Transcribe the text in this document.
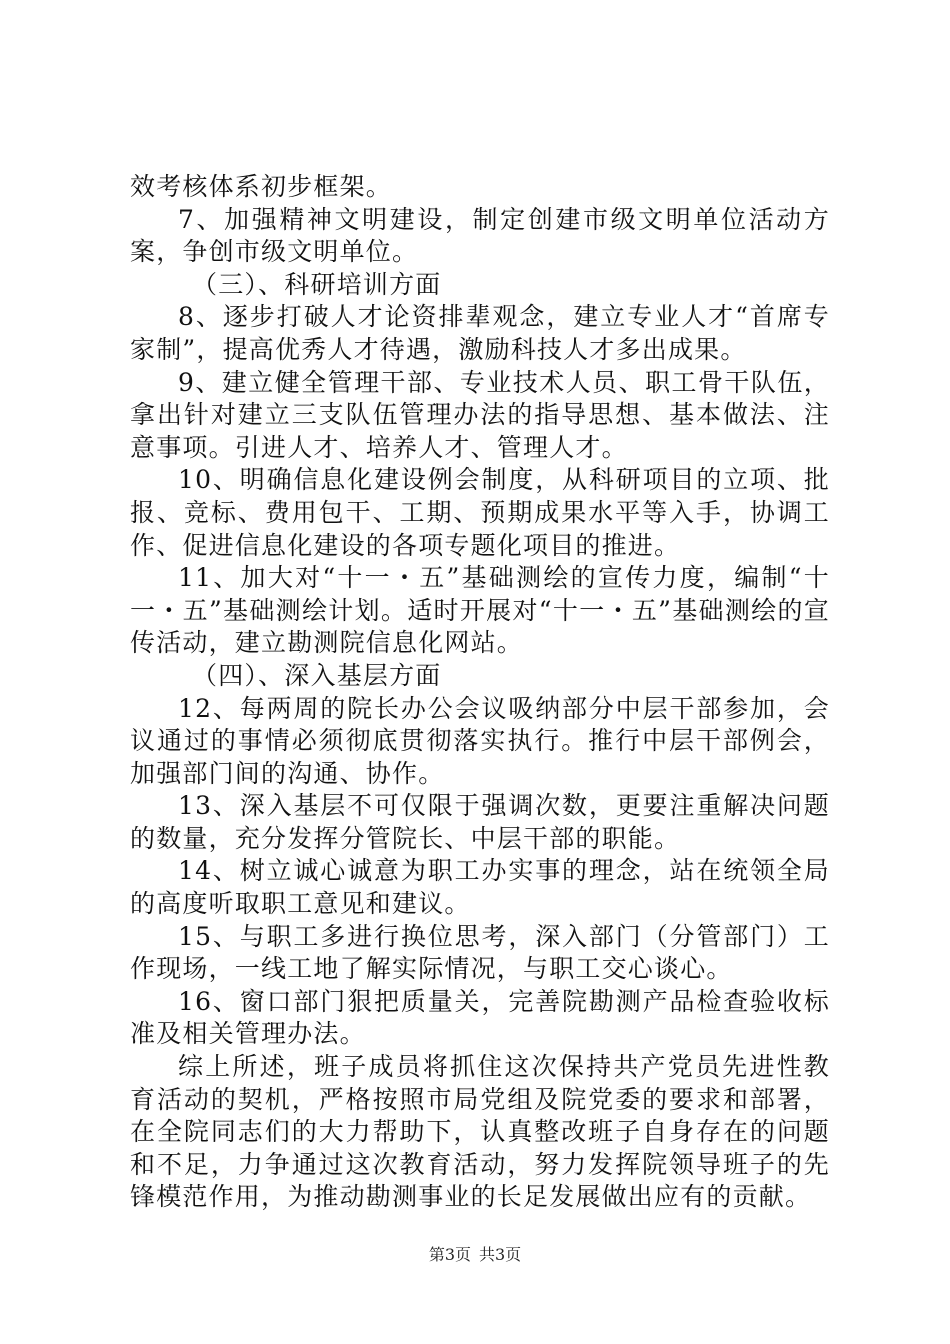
效考核体系初步框架。

7、加强精神文明建设，制定创建市级文明单位活动方案，争创市级文明单位。

（三）、科研培训方面

8、逐步打破人才论资排辈观念，建立专业人才“首席专家制”，提高优秀人才待遇，激励科技人才多出成果。

9、建立健全管理干部、专业技术人员、职工骨干队伍，拿出针对建立三支队伍管理办法的指导思想、基本做法、注意事项。引进人才、培养人才、管理人才。

10、明确信息化建设例会制度，从科研项目的立项、批报、竞标、费用包干、工期、预期成果水平等入手，协调工作、促进信息化建设的各项专题化项目的推进。

11、加大对“十一・五”基础测绘的宣传力度，编制“十一・五”基础测绘计划。适时开展对“十一・五”基础测绘的宣传活动，建立勘测院信息化网站。

（四）、深入基层方面

12、每两周的院长办公会议吸纳部分中层干部参加，会议通过的事情必须彻底贯彻落实执行。推行中层干部例会，加强部门间的沟通、协作。

13、深入基层不可仅限于强调次数，更要注重解决问题的数量，充分发挥分管院长、中层干部的职能。

14、树立诚心诚意为职工办实事的理念，站在统领全局的高度听取职工意见和建议。

15、与职工多进行换位思考，深入部门（分管部门）工作现场，一线工地了解实际情况，与职工交心谈心。

16、窗口部门狠把质量关，完善院勘测产品检查验收标准及相关管理办法。

综上所述，班子成员将抓住这次保持共产党员先进性教育活动的契机，严格按照市局党组及院党委的要求和部署，在全院同志们的大力帮助下，认真整改班子自身存在的问题和不足，力争通过这次教育活动，努力发挥院领导班子的先锋模范作用，为推动勘测事业的长足发展做出应有的贡献。

第3页 共3页
